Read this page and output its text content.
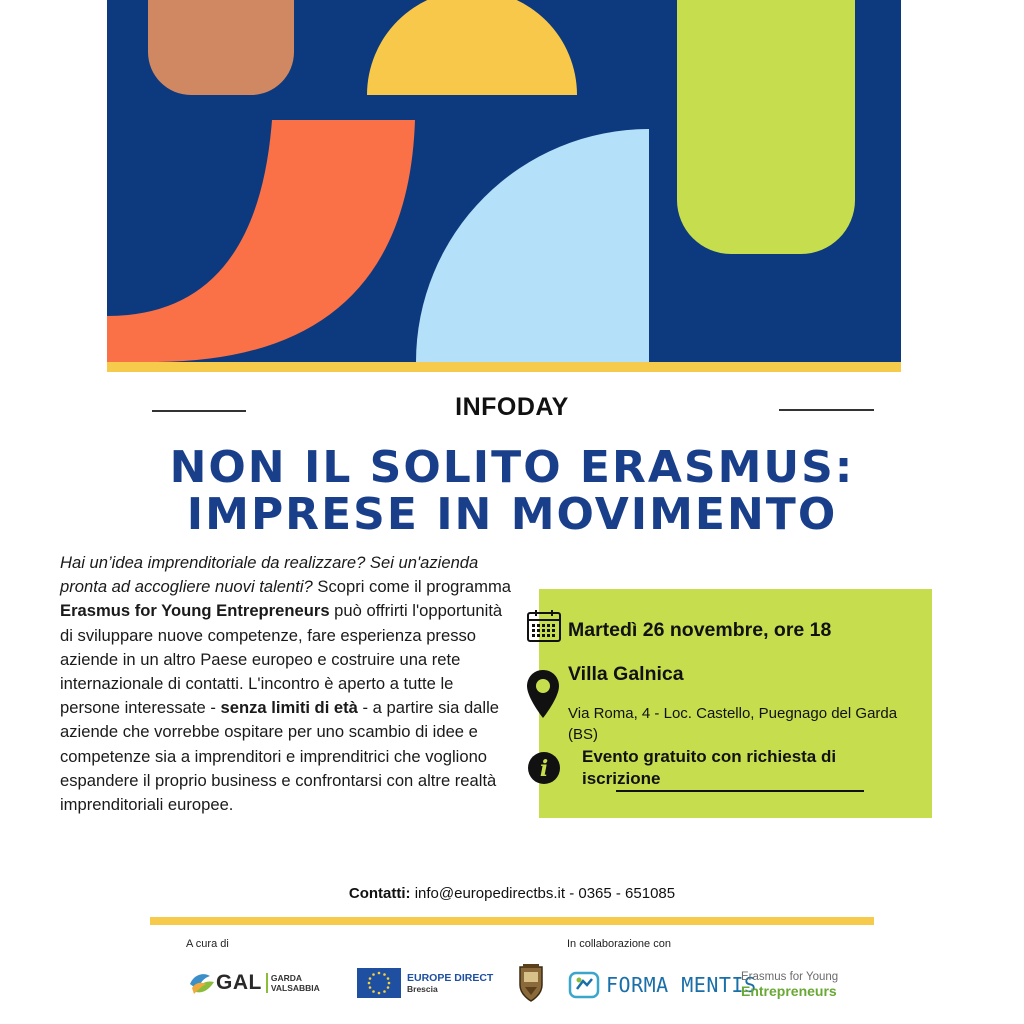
INFODAY
NON IL SOLITO ERASMUS:
IMPRESE IN MOVIMENTO
Hai un’idea imprenditoriale da realizzare? Sei un'azienda pronta ad accogliere nuovi talenti? Scopri come il programma Erasmus for Young Entrepreneurs può offrirti l'opportunità di sviluppare nuove competenze, fare esperienza presso aziende in un altro Paese europeo e costruire una rete internazionale di contatti. L'incontro è aperto a tutte le persone interessate - senza limiti di età - a partire sia dalle aziende che vorrebbe ospitare per uno scambio di idee e competenze sia a imprenditori e imprenditrici che vogliono espandere il proprio business e confrontarsi con altre realtà imprenditoriali europee.
Martedì 26 novembre, ore 18
Villa Galnica
Via Roma, 4 - Loc. Castello, Puegnago del Garda (BS)
i Evento gratuito con richiesta di iscrizione
Contatti: info@europedirectbs.it - 0365 - 651085
A cura di	In collaborazione con
GAL GARDA
VALSABBIA
EUROPE DIRECT
Brescia	FORMA MENTIS
Erasmus for Young
Entrepreneurs
